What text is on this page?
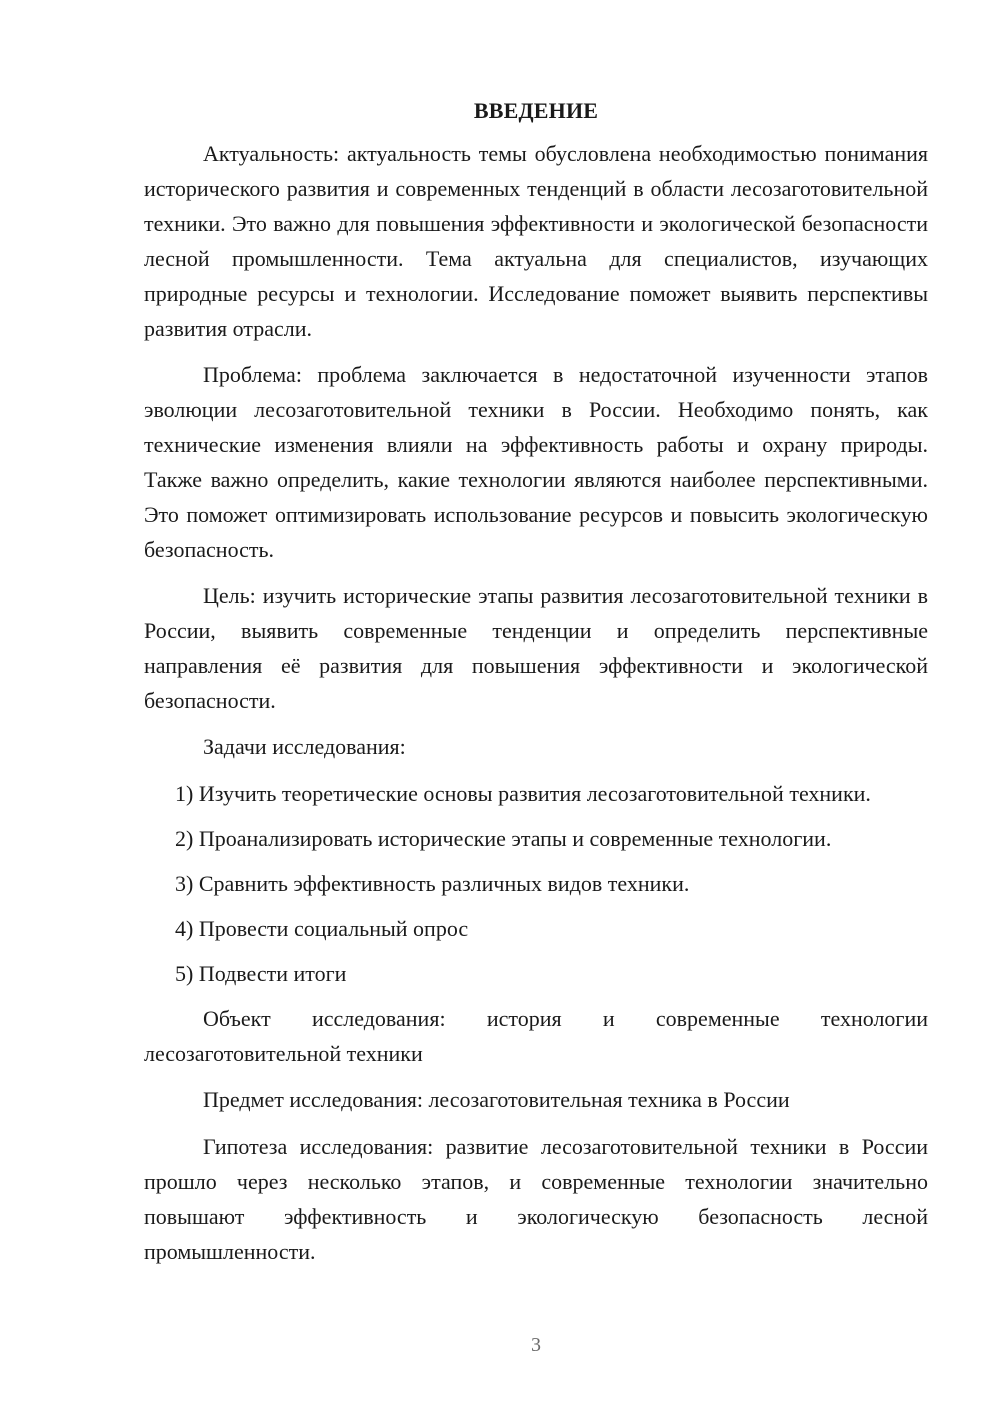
ВВЕДЕНИЕ

Актуальность: актуальность темы обусловлена необходимостью понимания исторического развития и современных тенденций в области лесозаготовительной техники. Это важно для повышения эффективности и экологической безопасности лесной промышленности. Тема актуальна для специалистов, изучающих природные ресурсы и технологии. Исследование поможет выявить перспективы развития отрасли.

Проблема: проблема заключается в недостаточной изученности этапов эволюции лесозаготовительной техники в России. Необходимо понять, как технические изменения влияли на эффективность работы и охрану природы. Также важно определить, какие технологии являются наиболее перспективными. Это поможет оптимизировать использование ресурсов и повысить экологическую безопасность.

Цель: изучить исторические этапы развития лесозаготовительной техники в России, выявить современные тенденции и определить перспективные направления её развития для повышения эффективности и экологической безопасности.

Задачи исследования:

1) Изучить теоретические основы развития лесозаготовительной техники.

2) Проанализировать исторические этапы и современные технологии.

3) Сравнить эффективность различных видов техники.

4) Провести социальный опрос

5) Подвести итоги

Объект исследования: история и современные технологии лесозаготовительной техники

Предмет исследования: лесозаготовительная техника в России

Гипотеза исследования: развитие лесозаготовительной техники в России прошло через несколько этапов, и современные технологии значительно повышают эффективность и экологическую безопасность лесной промышленности.

3
